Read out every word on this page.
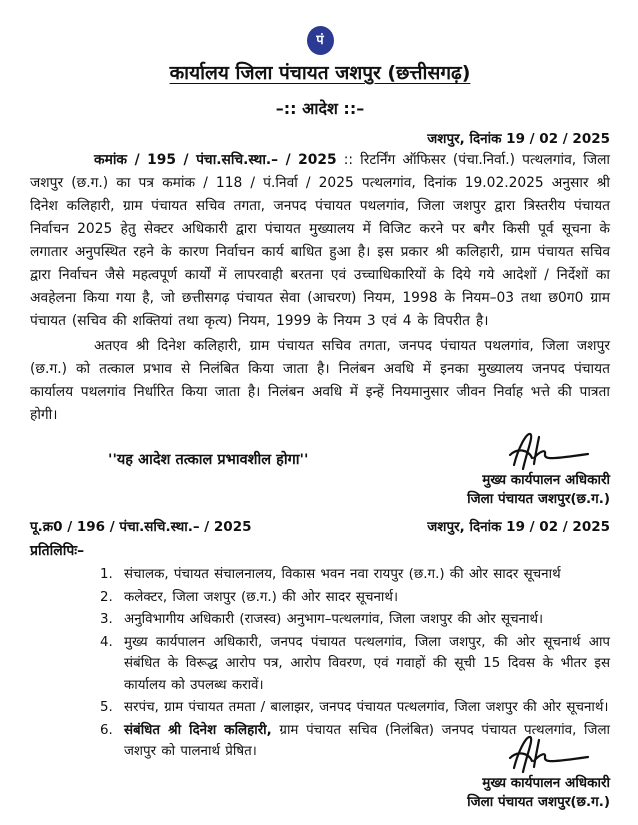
पं
कार्यालय जिला पंचायत जशपुर (छत्तीसगढ़)
–:: आदेश ::–
जशपुर, दिनांक 19 / 02 / 2025

कमांक / 195 / पंचा.सचि.स्था.– / 2025 :: रिटर्निंग ऑफिसर (पंचा.निर्वा.) पत्थलगांव, जिला जशपुर (छ.ग.) का पत्र कमांक / 118 / पं.निर्वा / 2025 पत्थलगांव, दिनांक 19.02.2025 अनुसार श्री दिनेश कलिहारी, ग्राम पंचायत सचिव तगता, जनपद पंचायत पथलगांव, जिला जशपुर द्वारा त्रिस्तरीय पंचायत निर्वाचन 2025 हेतु सेक्टर अधिकारी द्वारा पंचायत मुख्यालय में विजिट करने पर बगैर किसी पूर्व सूचना के लगातार अनुपस्थित रहने के कारण निर्वाचन कार्य बाधित हुआ है। इस प्रकार श्री कलिहारी, ग्राम पंचायत सचिव द्वारा निर्वाचन जैसे महत्वपूर्ण कार्यों में लापरवाही बरतना एवं उच्चाधिकारियों के दिये गये आदेशों / निर्देशों का अवहेलना किया गया है, जो छत्तीसगढ़ पंचायत सेवा (आचरण) नियम, 1998 के नियम–03 तथा छ0ग0 ग्राम पंचायत (सचिव की शक्तियां तथा कृत्य) नियम, 1999 के नियम 3 एवं 4 के विपरीत है।

अतएव श्री दिनेश कलिहारी, ग्राम पंचायत सचिव तगता, जनपद पंचायत पथलगांव, जिला जशपुर (छ.ग.) को तत्काल प्रभाव से निलंबित किया जाता है। निलंबन अवधि में इनका मुख्यालय जनपद पंचायत कार्यालय पथलगांव निर्धारित किया जाता है। निलंबन अवधि में इन्हें नियमानुसार जीवन निर्वाह भत्ते की पात्रता होगी।

''यह आदेश तत्काल प्रभावशील होगा''
मुख्य कार्यपालन अधिकारी
जिला पंचायत जशपुर(छ.ग.)
पू.क्र0 / 196 / पंचा.सचि.स्था.– / 2025	जशपुर, दिनांक 19 / 02 / 2025
प्रतिलिपिः–
1. संचालक, पंचायत संचालनालय, विकास भवन नवा रायपुर (छ.ग.) की ओर सादर सूचनार्थ
2. कलेक्टर, जिला जशपुर (छ.ग.) की ओर सादर सूचनार्थ।
3. अनुविभागीय अधिकारी (राजस्व) अनुभाग–पत्थलगांव, जिला जशपुर की ओर सूचनार्थ।
4. मुख्य कार्यपालन अधिकारी, जनपद पंचायत पत्थलगांव, जिला जशपुर, की ओर सूचनार्थ आप संबंधित के विरूद्ध आरोप पत्र, आरोप विवरण, एवं गवाहों की सूची 15 दिवस के भीतर इस कार्यालय को उपलब्ध करावें।
5. सरपंच, ग्राम पंचायत तमता / बालाझर, जनपद पंचायत पत्थलगांव, जिला जशपुर की ओर सूचनार्थ।
6. संबंधित श्री दिनेश कलिहारी, ग्राम पंचायत सचिव (निलंबित) जनपद पंचायत पत्थलगांव, जिला जशपुर को पालनार्थ प्रेषित।
मुख्य कार्यपालन अधिकारी
जिला पंचायत जशपुर(छ.ग.)
